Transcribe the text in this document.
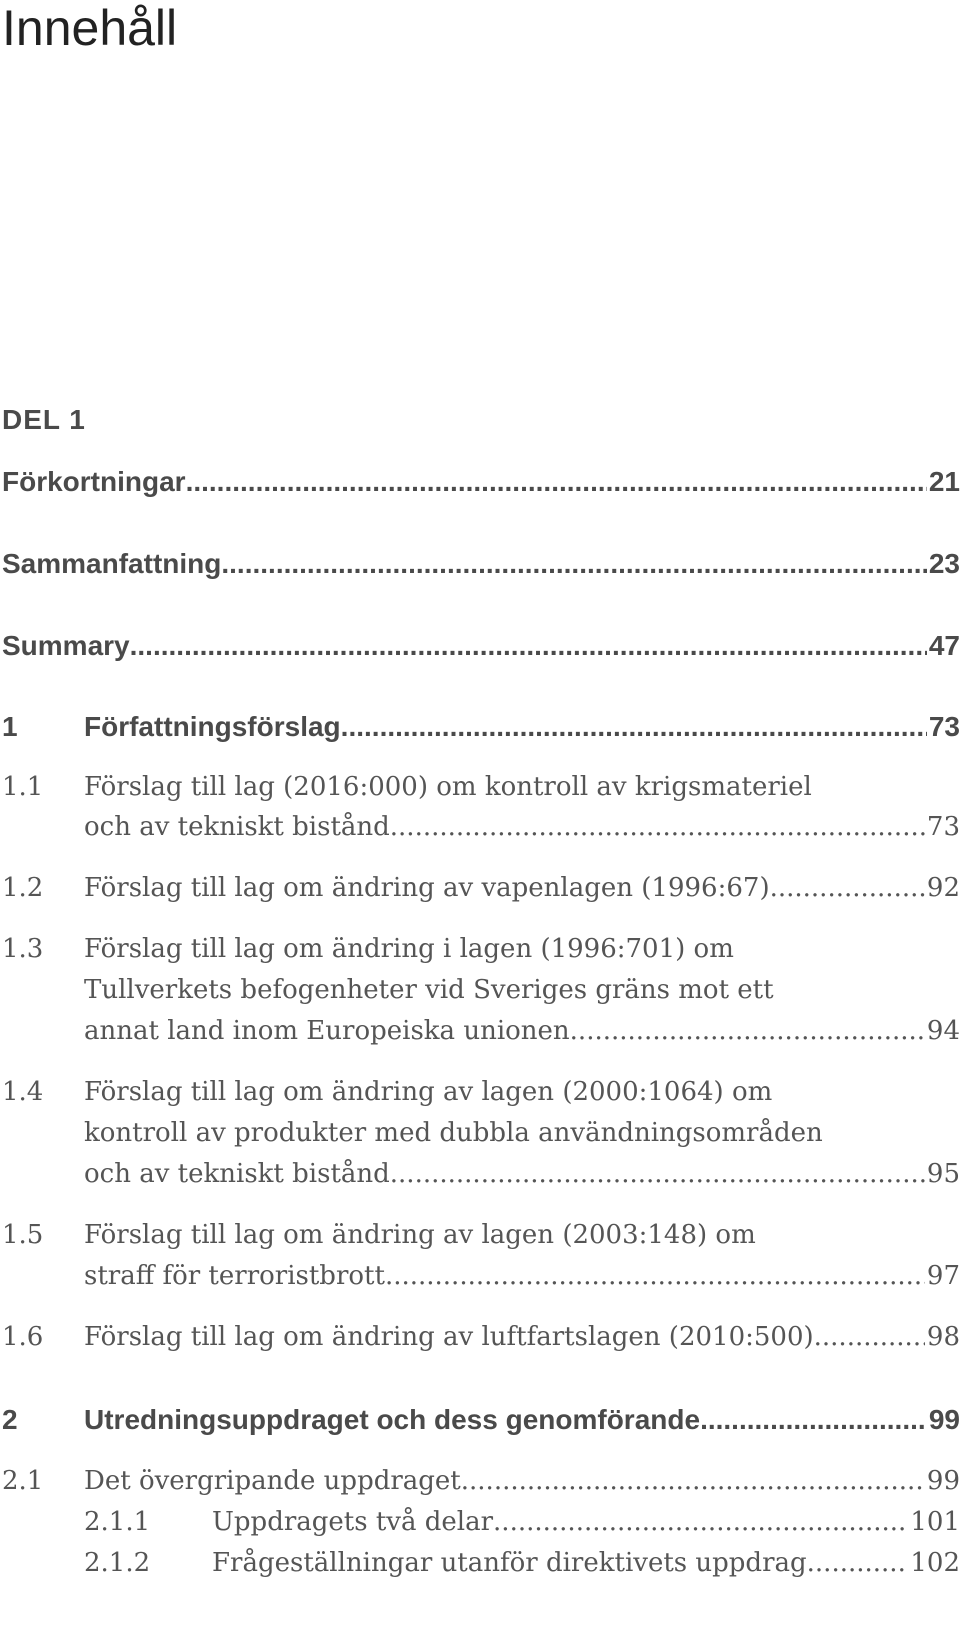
Innehåll
DEL 1
Förkortningar .....	21
Sammanfattning .....	23
Summary .....	47
1 Författningsförslag .....	73
1.1 Förslag till lag (2016:000) om kontroll av krigsmateriel
och av tekniskt bistånd .....	73
1.2 Förslag till lag om ändring av vapenlagen (1996:67) .....	92
1.3 Förslag till lag om ändring i lagen (1996:701) om
Tullverkets befogenheter vid Sveriges gräns mot ett
annat land inom Europeiska unionen .....	94
1.4 Förslag till lag om ändring av lagen (2000:1064) om
kontroll av produkter med dubbla användningsområden
och av tekniskt bistånd .....	95
1.5 Förslag till lag om ändring av lagen (2003:148) om
straff för terroristbrott .....	97
1.6 Förslag till lag om ändring av luftfartslagen (2010:500) .....	98
2 Utredningsuppdraget och dess genomförande .....	99
2.1 Det övergripande uppdraget .....	99
2.1.1 Uppdragets två delar .....	101
2.1.2 Frågeställningar utanför direktivets uppdrag .....	102
